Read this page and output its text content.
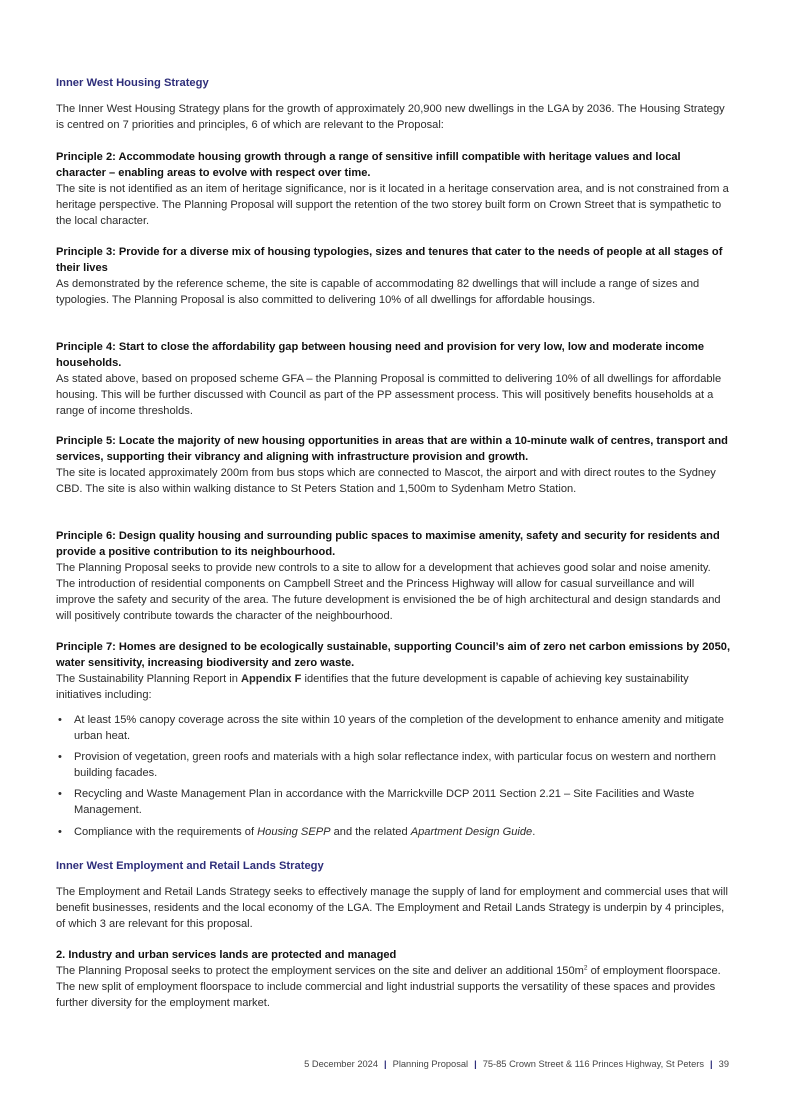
Inner West Housing Strategy

The Inner West Housing Strategy plans for the growth of approximately 20,900 new dwellings in the LGA by 2036. The Housing Strategy is centred on 7 priorities and principles, 6 of which are relevant to the Proposal:

Principle 2: Accommodate housing growth through a range of sensitive infill compatible with heritage values and local character – enabling areas to evolve with respect over time.
The site is not identified as an item of heritage significance, nor is it located in a heritage conservation area, and is not constrained from a heritage perspective. The Planning Proposal will support the retention of the two storey built form on Crown Street that is sympathetic to the local character.
Principle 3: Provide for a diverse mix of housing typologies, sizes and tenures that cater to the needs of people at all stages of their lives
As demonstrated by the reference scheme, the site is capable of accommodating 82 dwellings that will include a range of sizes and typologies. The Planning Proposal is also committed to delivering 10% of all dwellings for affordable housings.
Principle 4: Start to close the affordability gap between housing need and provision for very low, low and moderate income households.
As stated above, based on proposed scheme GFA – the Planning Proposal is committed to delivering 10% of all dwellings for affordable housing. This will be further discussed with Council as part of the PP assessment process. This will positively benefits households at a range of income thresholds.
Principle 5: Locate the majority of new housing opportunities in areas that are within a 10-minute walk of centres, transport and services, supporting their vibrancy and aligning with infrastructure provision and growth.
The site is located approximately 200m from bus stops which are connected to Mascot, the airport and with direct routes to the Sydney CBD. The site is also within walking distance to St Peters Station and 1,500m to Sydenham Metro Station.
Principle 6: Design quality housing and surrounding public spaces to maximise amenity, safety and security for residents and provide a positive contribution to its neighbourhood.
The Planning Proposal seeks to provide new controls to a site to allow for a development that achieves good solar and noise amenity. The introduction of residential components on Campbell Street and the Princess Highway will allow for casual surveillance and will improve the safety and security of the area. The future development is envisioned the be of high architectural and design standards and will positively contribute towards the character of the neighbourhood.
Principle 7: Homes are designed to be ecologically sustainable, supporting Council’s aim of zero net carbon emissions by 2050, water sensitivity, increasing biodiversity and zero waste.
The Sustainability Planning Report in Appendix F identifies that the future development is capable of achieving key sustainability initiatives including:
• At least 15% canopy coverage across the site within 10 years of the completion of the development to enhance amenity and mitigate urban heat.
• Provision of vegetation, green roofs and materials with a high solar reflectance index, with particular focus on western and northern building facades.
• Recycling and Waste Management Plan in accordance with the Marrickville DCP 2011 Section 2.21 – Site Facilities and Waste Management.
• Compliance with the requirements of Housing SEPP and the related Apartment Design Guide.
Inner West Employment and Retail Lands Strategy

The Employment and Retail Lands Strategy seeks to effectively manage the supply of land for employment and commercial uses that will benefit businesses, residents and the local economy of the LGA. The Employment and Retail Lands Strategy is underpin by 4 principles, of which 3 are relevant for this proposal.

2. Industry and urban services lands are protected and managed
The Planning Proposal seeks to protect the employment services on the site and deliver an additional $150m^2$ of employment floorspace. The new split of employment floorspace to include commercial and light industrial supports the versatility of these spaces and provides further diversity for the employment market.
5 December 2024 | Planning Proposal | 75-85 Crown Street & 116 Princes Highway, St Peters | 39
